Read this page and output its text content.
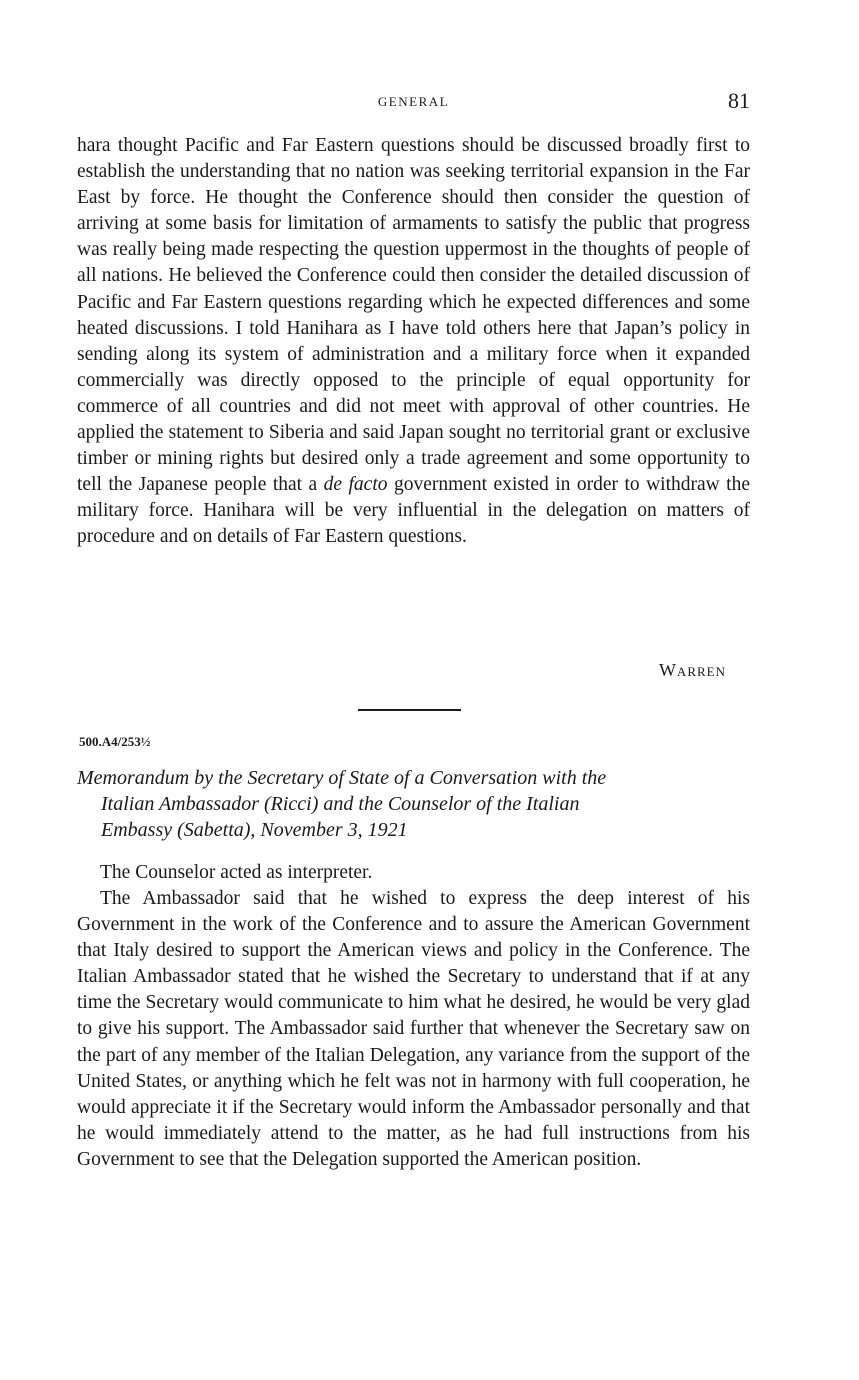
GENERAL	81

hara thought Pacific and Far Eastern questions should be discussed broadly first to establish the understanding that no nation was seeking territorial expansion in the Far East by force. He thought the Conference should then consider the question of arriving at some basis for limitation of armaments to satisfy the public that progress was really being made respecting the question uppermost in the thoughts of people of all nations. He believed the Conference could then consider the detailed discussion of Pacific and Far Eastern questions regarding which he expected differences and some heated discussions. I told Hanihara as I have told others here that Japan’s policy in sending along its system of administration and a military force when it expanded commercially was directly opposed to the principle of equal opportunity for commerce of all countries and did not meet with approval of other countries. He applied the statement to Siberia and said Japan sought no territorial grant or exclusive timber or mining rights but desired only a trade agreement and some opportunity to tell the Japanese people that a de facto government existed in order to withdraw the military force. Hanihara will be very influential in the delegation on matters of procedure and on details of Far Eastern questions.

Warren
500.A4/253½
Memorandum by the Secretary of State of a Conversation with the
Italian Ambassador (Ricci) and the Counselor of the Italian
Embassy (Sabetta), November 3, 1921

The Counselor acted as interpreter.

The Ambassador said that he wished to express the deep interest of his Government in the work of the Conference and to assure the American Government that Italy desired to support the American views and policy in the Conference. The Italian Ambassador stated that he wished the Secretary to understand that if at any time the Secretary would communicate to him what he desired, he would be very glad to give his support. The Ambassador said further that whenever the Secretary saw on the part of any member of the Italian Delegation, any variance from the support of the United States, or anything which he felt was not in harmony with full cooperation, he would appreciate it if the Secretary would inform the Ambassador personally and that he would immediately attend to the matter, as he had full instructions from his Government to see that the Delegation supported the American position.
